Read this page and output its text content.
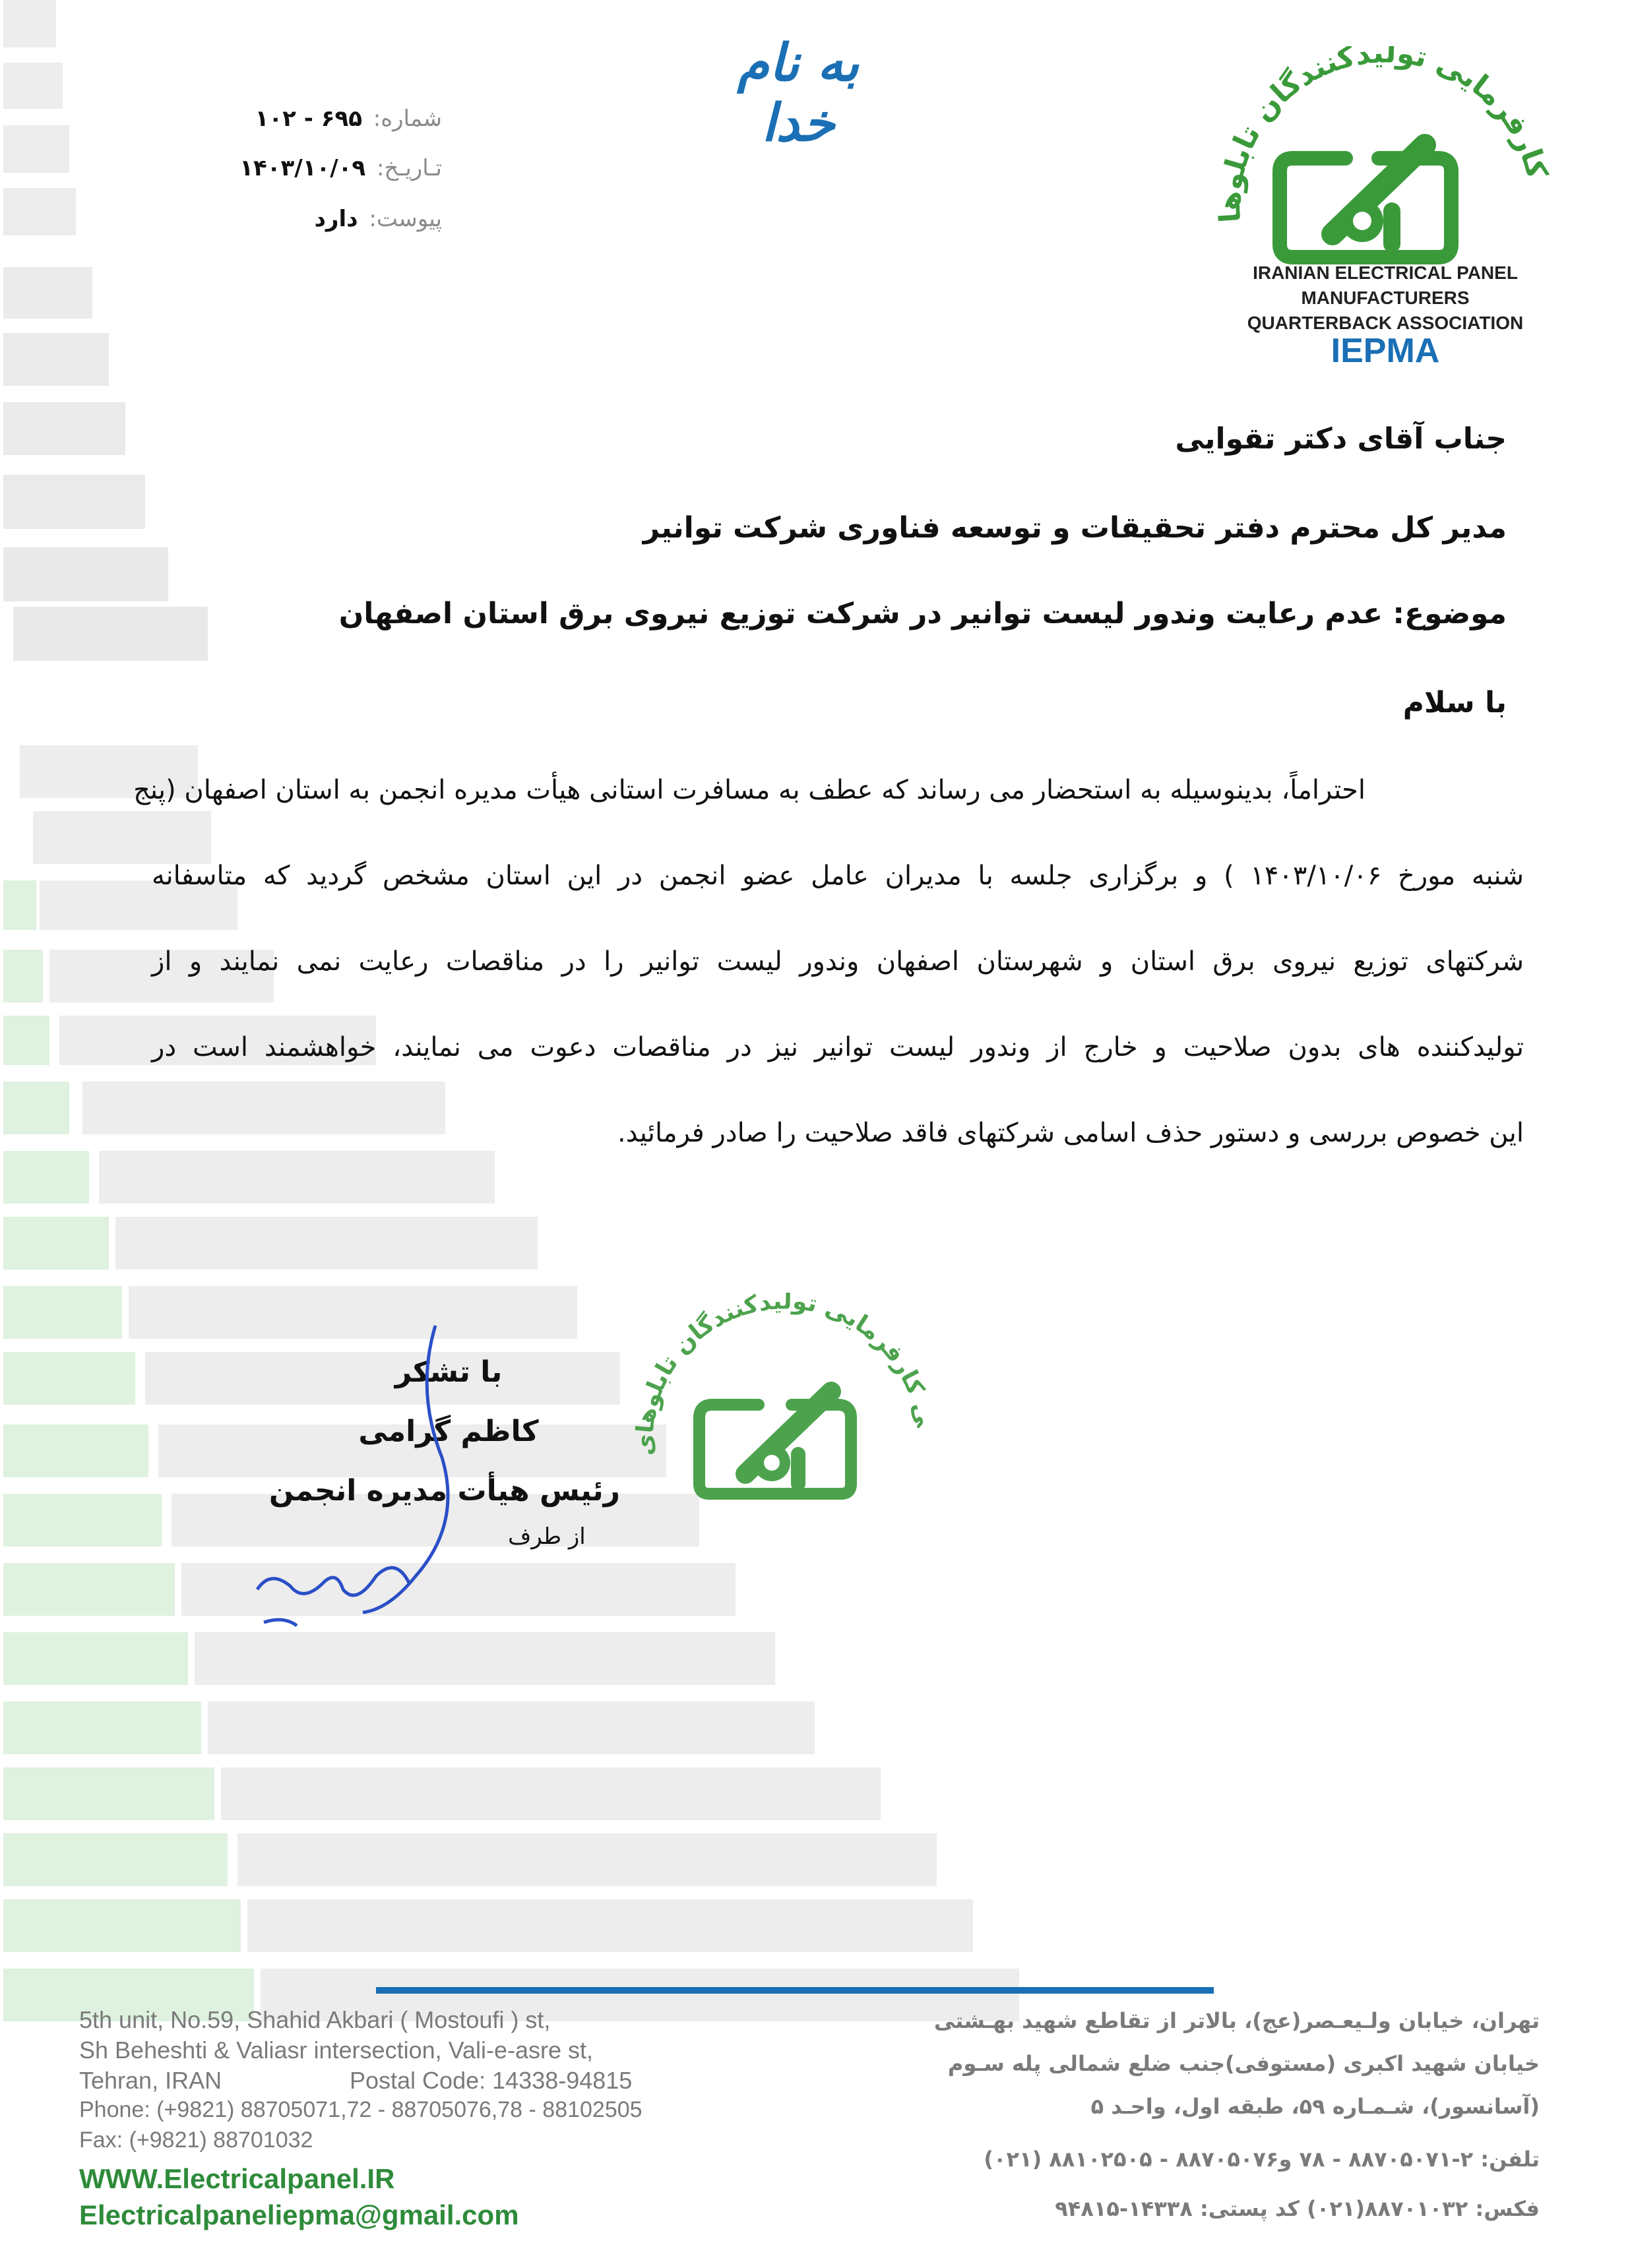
به نام خدا
شماره: ۶۹۵ - ۱۰۲
تـاریـخ: ۱۴۰۳/۱۰/۰۹
پیوست: دارد
کارفرمایی تولیدکنندگان تابلوها
IRANIAN ELECTRICAL PANEL
MANUFACTURERS
QUARTERBACK ASSOCIATION
IEPMA
جناب آقای دکتر تقوایی
مدیر کل محترم دفتر تحقیقات و توسعه فناوری شرکت توانیر
موضوع: عدم رعایت وندور لیست توانیر در شرکت توزیع نیروی برق استان اصفهان
با سلام
احتراماً، بدینوسیله به استحضار می رساند که عطف به مسافرت استانی هیأت مدیره انجمن به استان اصفهان (پنج
شنبه مورخ ۱۴۰۳/۱۰/۰۶ ) و برگزاری جلسه با مدیران عامل عضو انجمن در این استان مشخص گردید که متاسفانه
شرکتهای توزیع نیروی برق استان و شهرستان اصفهان وندور لیست توانیر را در مناقصات رعایت نمی نمایند و از
تولیدکننده های بدون صلاحیت و خارج از وندور لیست توانیر نیز در مناقصات دعوت می نمایند، خواهشمند است در
این خصوص بررسی و دستور حذف اسامی شرکتهای فاقد صلاحیت را صادر فرمائید.
با تشکر
کاظم گرامی
رئیس هیأت مدیره انجمن
از طرف
ی کارفرمایی تولیدکنندگان تابلوهای
5th unit, No.59, Shahid Akbari ( Mostoufi ) st,
Sh Beheshti & Valiasr intersection, Vali-e-asre st,
Tehran, IRAN	Postal Code: 14338-94815
Phone: (+9821) 88705071,72 - 88705076,78 - 88102505
Fax: (+9821) 88701032
WWW.Electricalpanel.IR
Electricalpaneliepma@gmail.com
تهران، خیابان ولـیعـصر(عج)، بالاتر از تقاطع شهید بهـشتی
خیابان شهید اکبری (مستوفی)جنب ضلع شمالی پله سـوم
(آسانسور)، شـمـاره ۵۹، طبقه اول، واحـد ۵
تلفن: ۲-۸۸۷۰۵۰۷۱ - ۷۸ و۸۸۷۰۵۰۷۶ - ۸۸۱۰۲۵۰۵ (۰۲۱)
فکس: ۸۸۷۰۱۰۳۲(۰۲۱) کد پستی: ۱۴۳۳۸-۹۴۸۱۵
